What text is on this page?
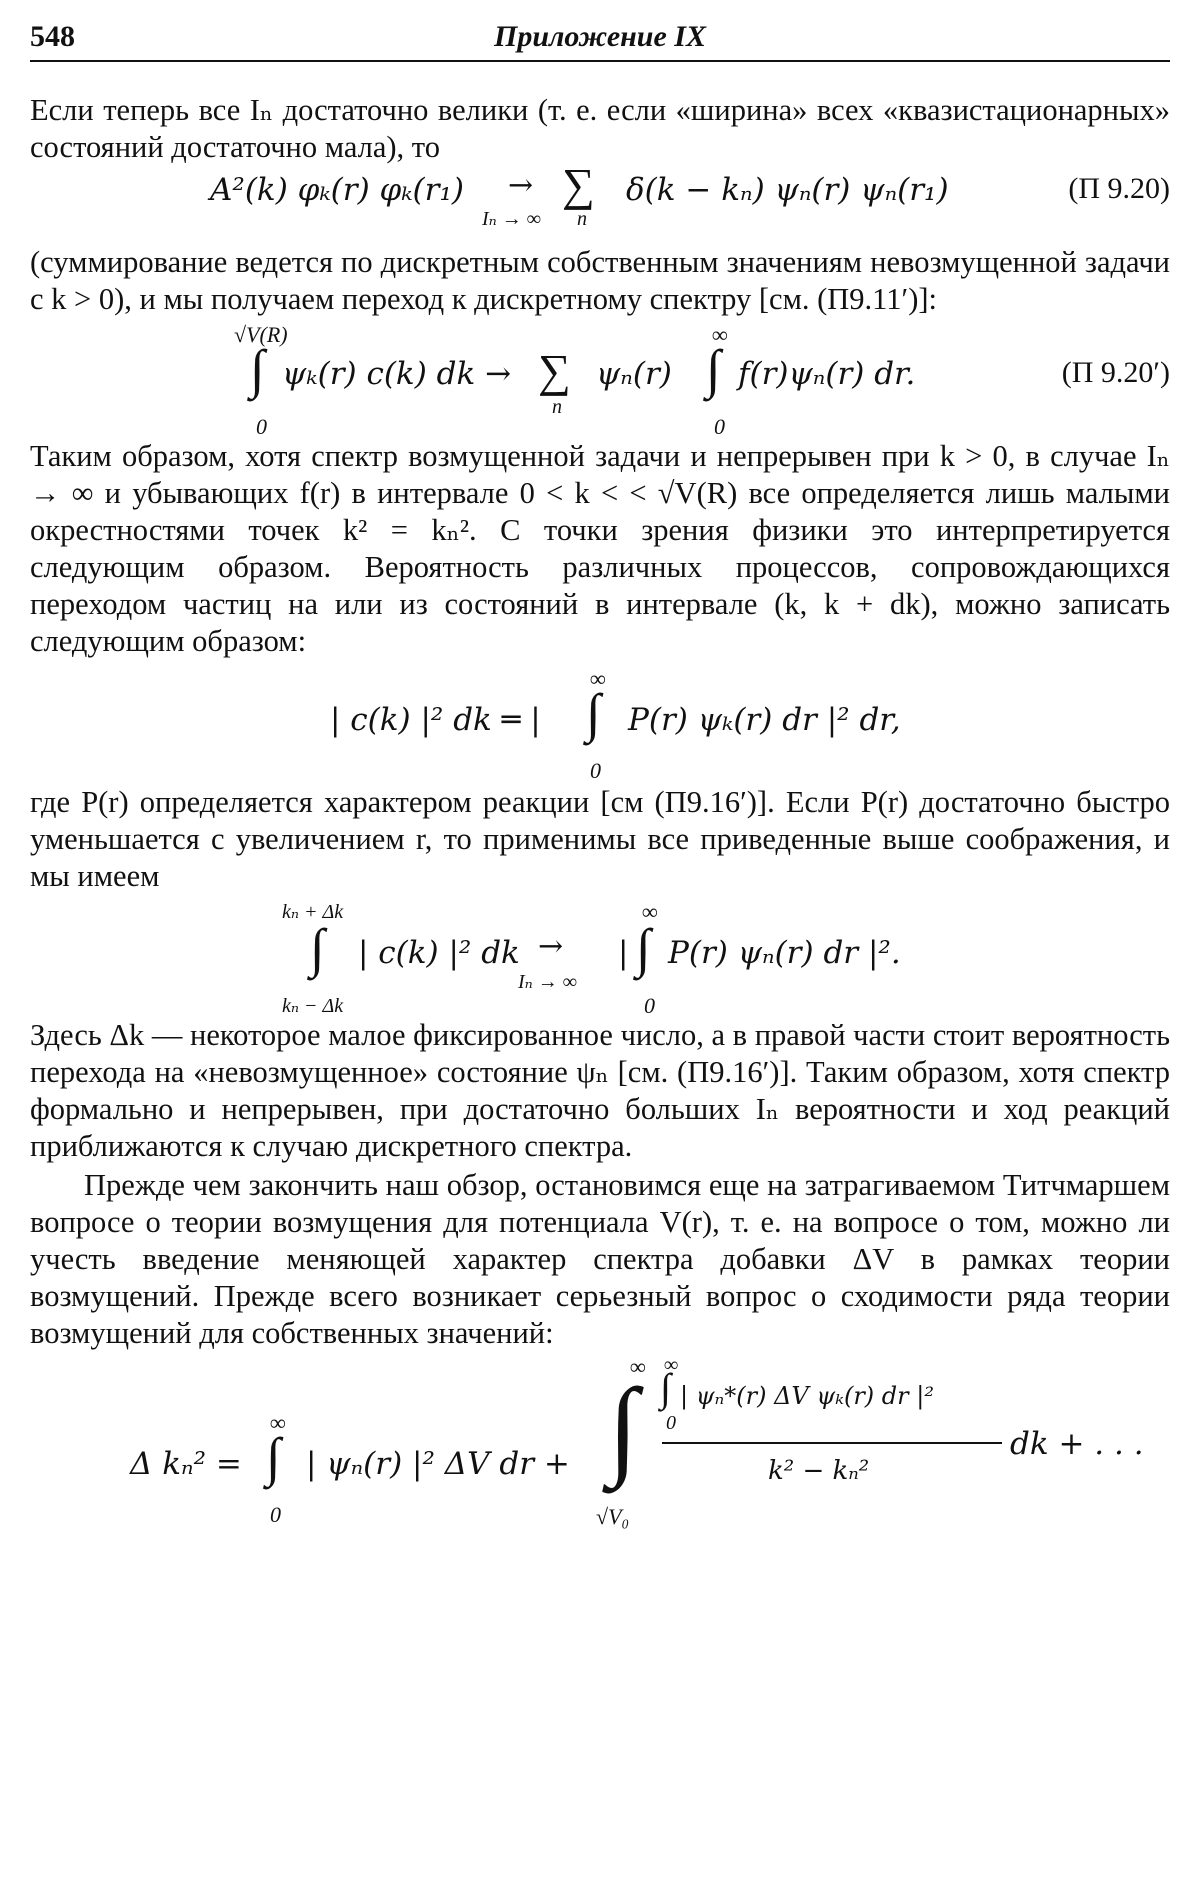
548	Приложение IX

Если теперь все Iₙ достаточно велики (т. е. если «ширина» всех «квазистационарных» состояний достаточно мала), то

A²(k) φₖ(r) φₖ(r₁) →
Iₙ → ∞
∑
n
δ(k − kₙ) ψₙ(r) ψₙ(r₁)	(П 9.20)

(суммирование ведется по дискретным собственным значениям невозмущенной задачи с k > 0), и мы получаем переход к дискретному спектру [см. (П9.11′)]:

√V(R)
∫
0
ψₖ(r) c(k) dk → ∑
n
ψₙ(r)
∞
∫
0
f(r)ψₙ(r) dr.	(П 9.20′)

Таким образом, хотя спектр возмущенной задачи и непрерывен при k > 0, в случае Iₙ → ∞ и убывающих f(r) в интервале 0 < k < < √V(R) все определяется лишь малыми окрестностями точек k² = kₙ². С точки зрения физики это интерпретируется следующим образом. Вероятность различных процессов, сопровождающихся переходом частиц на или из состояний в интервале (k, k + dk), можно записать следующим образом:

| c(k) |² dk ═ |
∞
∫
0
P(r) ψₖ(r) dr |² dr,

где P(r) определяется характером реакции [см (П9.16′)]. Если P(r) достаточно быстро уменьшается с увеличением r, то применимы все приведенные выше соображения, и мы имеем

kₙ + Δk
∫
kₙ − Δk
| c(k) |² dk →
Iₙ → ∞
|
∞
∫
0
P(r) ψₙ(r) dr |².

Здесь Δk — некоторое малое фиксированное число, а в правой части стоит вероятность перехода на «невозмущенное» состояние ψₙ [см. (П9.16′)]. Таким образом, хотя спектр формально и непрерывен, при достаточно больших Iₙ вероятности и ход реакций приближаются к случаю дискретного спектра.

Прежде чем закончить наш обзор, остановимся еще на затрагиваемом Титчмаршем вопросе о теории возмущения для потенциала V(r), т. е. на вопросе о том, можно ли учесть введение меняющей характер спектра добавки ΔV в рамках теории возмущений. Прежде всего возникает серьезный вопрос о сходимости ряда теории возмущений для собственных значений:

Δ kₙ² =
∞
∫
0
| ψₙ(r) |² ΔV dr +
∞
∫
√V₀
∞
∫
0
| ψₙ*(r) ΔV ψₖ(r) dr |²
k² − kₙ²
dk + . . .
